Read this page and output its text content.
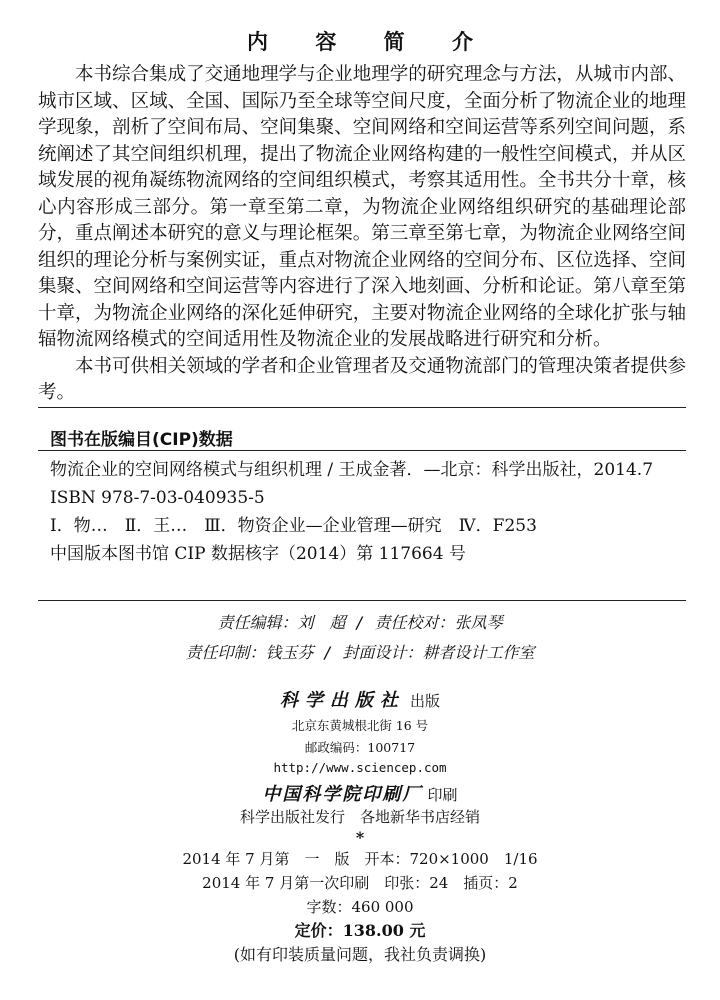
内 容 简 介

本书综合集成了交通地理学与企业地理学的研究理念与方法，从城市内部、城市区域、区域、全国、国际乃至全球等空间尺度，全面分析了物流企业的地理学现象，剖析了空间布局、空间集聚、空间网络和空间运营等系列空间问题，系统阐述了其空间组织机理，提出了物流企业网络构建的一般性空间模式，并从区域发展的视角凝练物流网络的空间组织模式，考察其适用性。全书共分十章，核心内容形成三部分。第一章至第二章，为物流企业网络组织研究的基础理论部分，重点阐述本研究的意义与理论框架。第三章至第七章，为物流企业网络空间组织的理论分析与案例实证，重点对物流企业网络的空间分布、区位选择、空间集聚、空间网络和空间运营等内容进行了深入地刻画、分析和论证。第八章至第十章，为物流企业网络的深化延伸研究，主要对物流企业网络的全球化扩张与轴辐物流网络模式的空间适用性及物流企业的发展战略进行研究和分析。

本书可供相关领域的学者和企业管理者及交通物流部门的管理决策者提供参考。

图书在版编目(CIP)数据
物流企业的空间网络模式与组织机理 / 王成金著．—北京：科学出版社，2014.7
ISBN 978-7-03-040935-5
Ⅰ．物…　Ⅱ．王…　Ⅲ．物资企业—企业管理—研究　Ⅳ．F253
中国版本图书馆 CIP 数据核字（2014）第 117664 号
责任编辑：刘　超 / 责任校对：张凤琴
责任印制：钱玉芬 / 封面设计：耕者设计工作室
科学出版社 出版
北京东黄城根北街 16 号
邮政编码：100717
http://www.sciencep.com
中国科学院印刷厂 印刷
科学出版社发行　各地新华书店经销
*
2014 年 7 月第　一　版　开本：720×1000　1/16
2014 年 7 月第一次印刷　印张：24　插页：2
字数：460 000
定价：138.00 元
(如有印装质量问题，我社负责调换)
